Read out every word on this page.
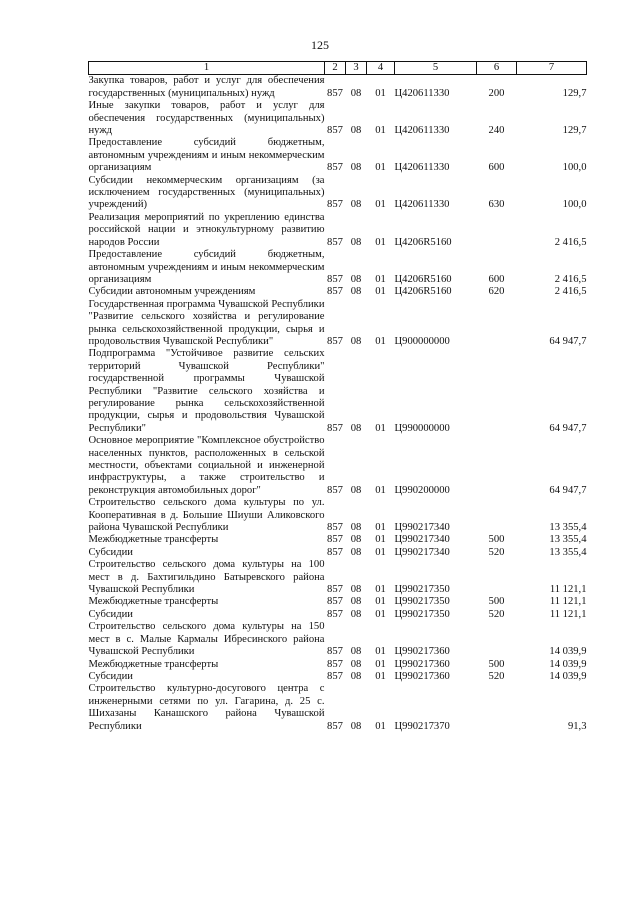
125
1	2	3	4	5	6	7
Закупка товаров, работ и услуг для обеспечения государственных (муниципальных) нужд	857	08	01	Ц420611330	200	129,7
Иные закупки товаров, работ и услуг для обеспечения государственных (муниципальных) нужд	857	08	01	Ц420611330	240	129,7
Предоставление субсидий бюджетным, автономным учреждениям и иным некоммерческим организациям	857	08	01	Ц420611330	600	100,0
Субсидии некоммерческим организациям (за исключением государственных (муниципальных) учреждений)	857	08	01	Ц420611330	630	100,0
Реализация мероприятий по укреплению единства российской нации и этнокультурному развитию народов России	857	08	01	Ц4206R5160		2 416,5
Предоставление субсидий бюджетным, автономным учреждениям и иным некоммерческим организациям	857	08	01	Ц4206R5160	600	2 416,5
Субсидии автономным учреждениям	857	08	01	Ц4206R5160	620	2 416,5
Государственная программа Чувашской Республики "Развитие сельского хозяйства и регулирование рынка сельскохозяйственной продукции, сырья и продовольствия Чувашской Республики"	857	08	01	Ц900000000		64 947,7
Подпрограмма "Устойчивое развитие сельских территорий Чувашской Республики" государственной программы Чувашской Республики "Развитие сельского хозяйства и регулирование рынка сельскохозяйственной продукции, сырья и продовольствия Чувашской Республики"	857	08	01	Ц990000000		64 947,7
Основное мероприятие "Комплексное обустройство населенных пунктов, расположенных в сельской местности, объектами социальной и инженерной инфраструктуры, а также строительство и реконструкция автомобильных дорог"	857	08	01	Ц990200000		64 947,7
Строительство сельского дома культуры по ул. Кооперативная в д. Большие Шиуши Аликовского района Чувашской Республики	857	08	01	Ц990217340		13 355,4
Межбюджетные трансферты	857	08	01	Ц990217340	500	13 355,4
Субсидии	857	08	01	Ц990217340	520	13 355,4
Строительство сельского дома культуры на 100 мест в д. Бахтигильдино Батыревского района Чувашской Республики	857	08	01	Ц990217350		11 121,1
Межбюджетные трансферты	857	08	01	Ц990217350	500	11 121,1
Субсидии	857	08	01	Ц990217350	520	11 121,1
Строительство сельского дома культуры на 150 мест в с. Малые Кармалы Ибресинского района Чувашской Республики	857	08	01	Ц990217360		14 039,9
Межбюджетные трансферты	857	08	01	Ц990217360	500	14 039,9
Субсидии	857	08	01	Ц990217360	520	14 039,9
Строительство культурно-досугового центра с инженерными сетями по ул. Гагарина, д. 25 с. Шихазаны Канашского района Чувашской Республики	857	08	01	Ц990217370		91,3
